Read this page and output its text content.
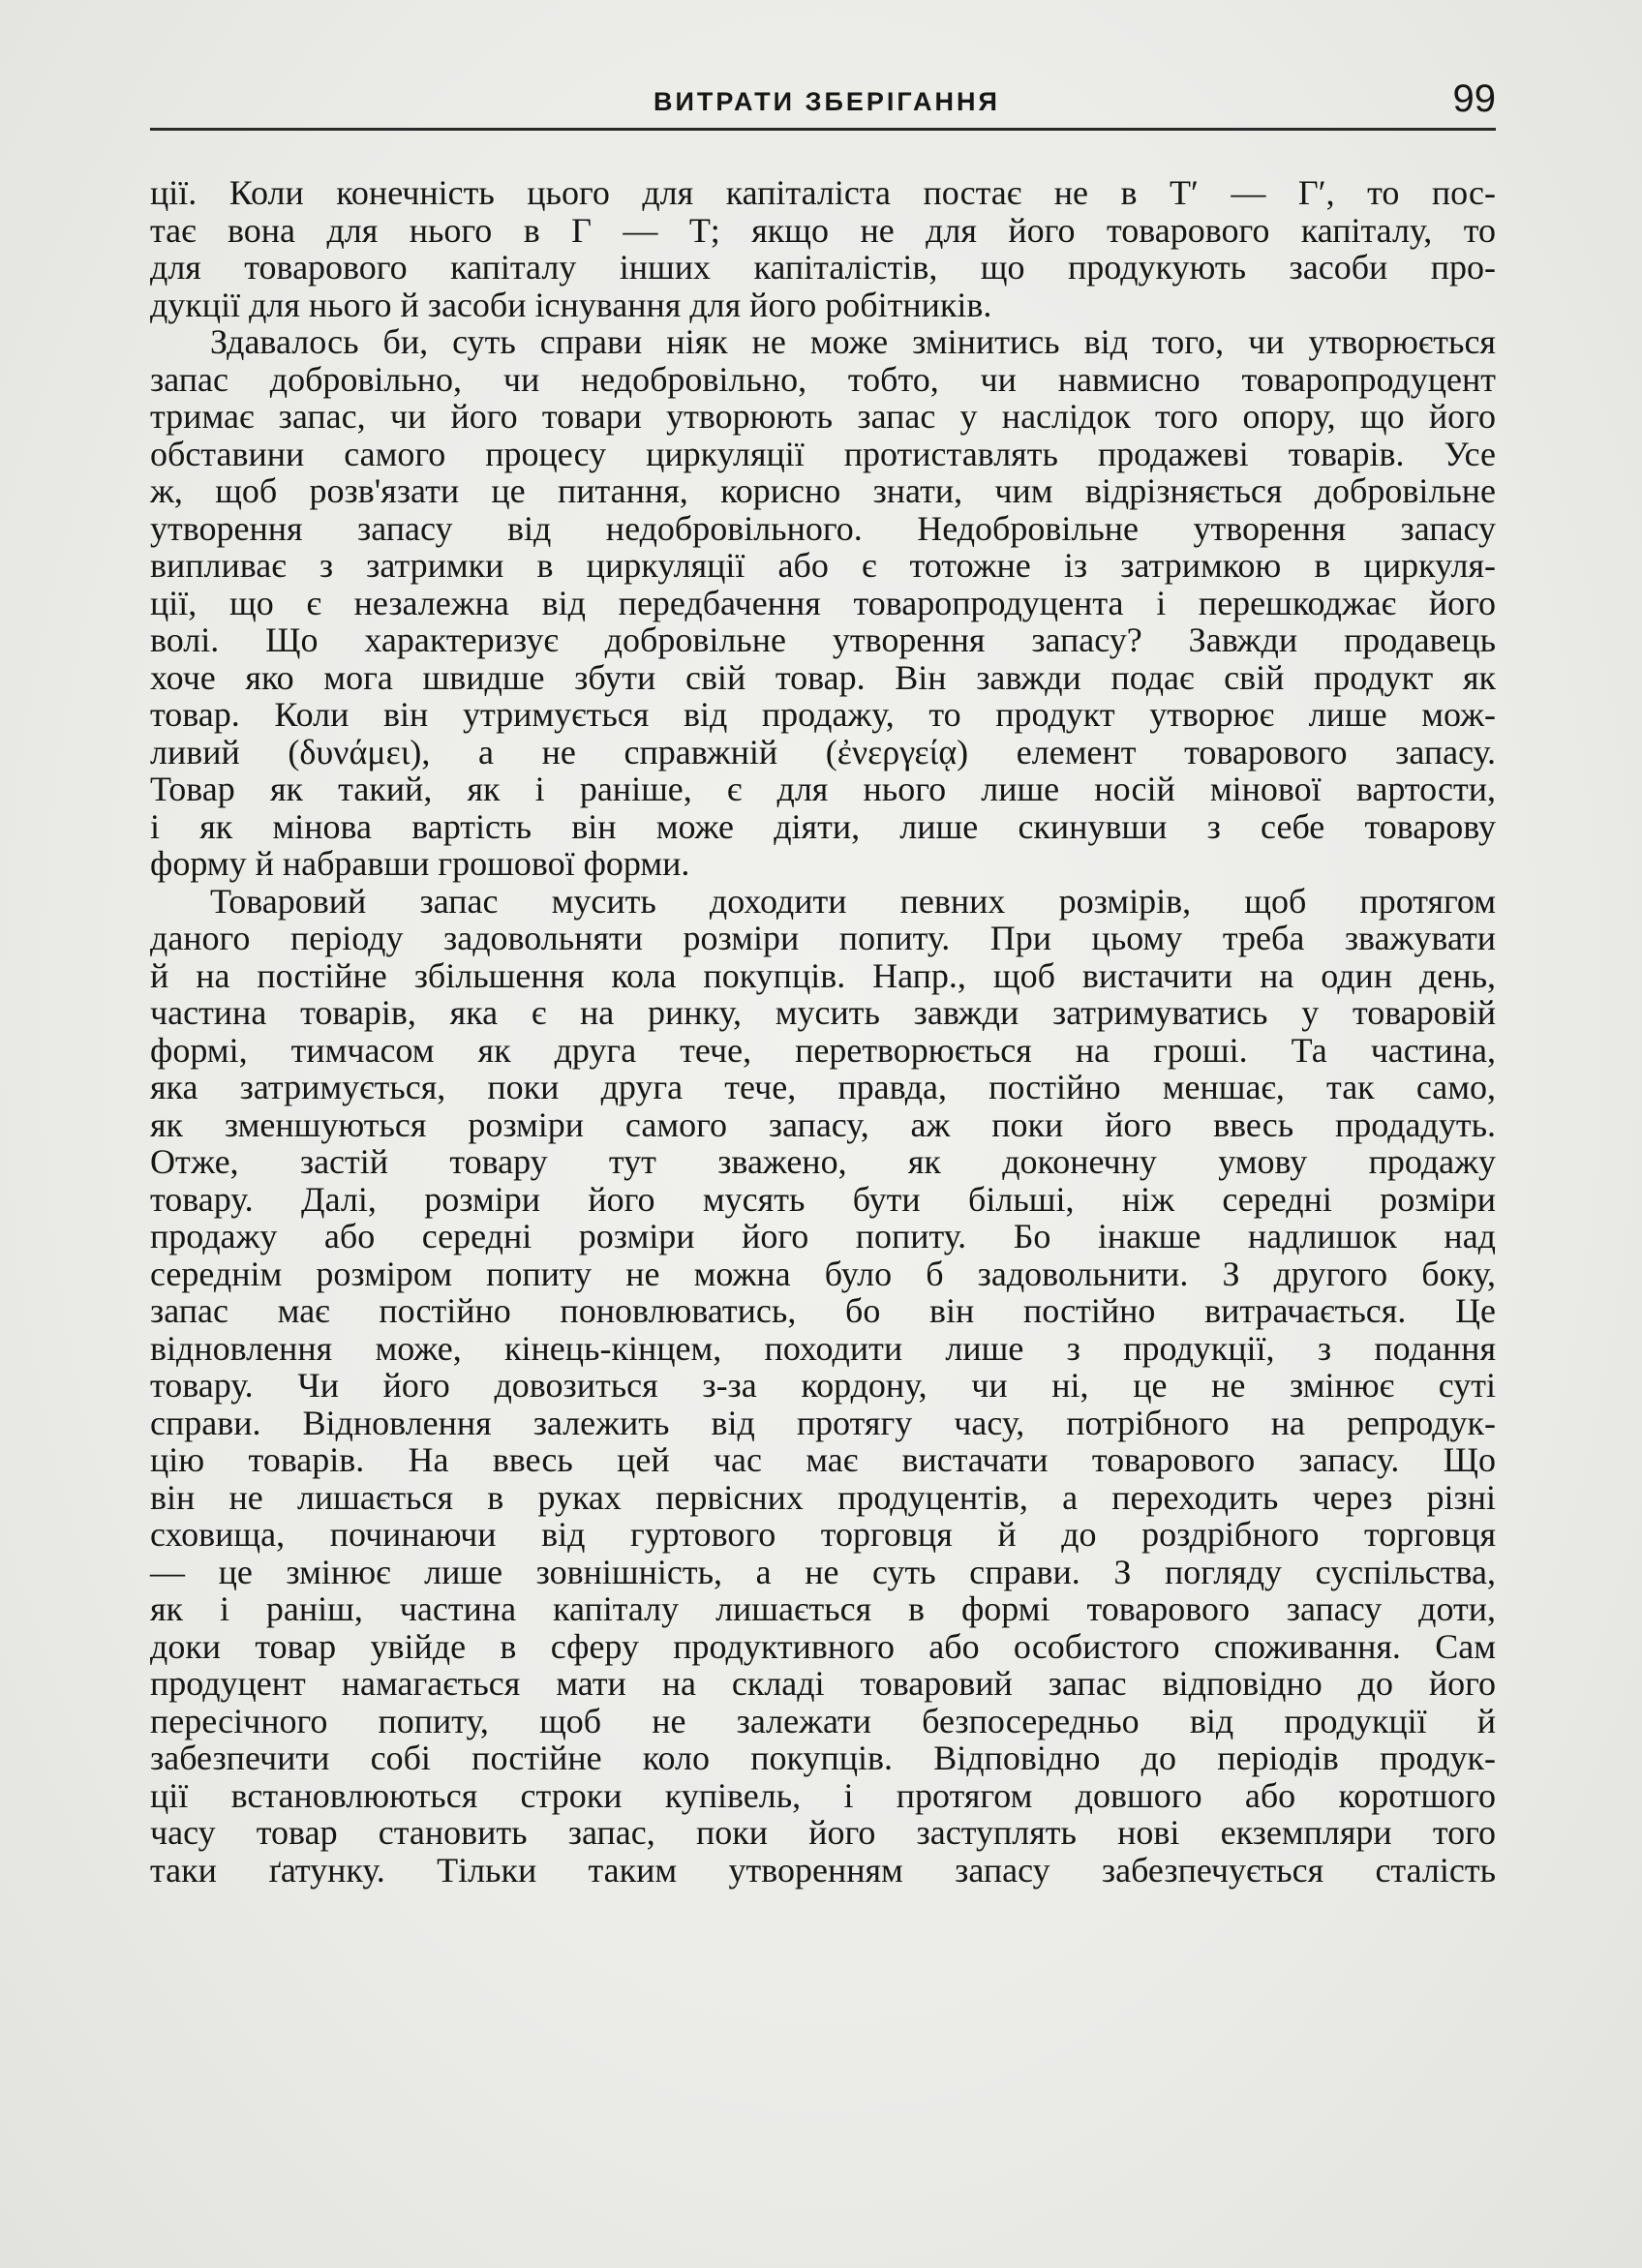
ВИТРАТИ ЗБЕРІГАННЯ	99
ції. Коли конечність цього для капіталіста постає не в Т′ — Г′, то пос-
тає вона для нього в Г — Т; якщо не для його товарового капіталу, то
для товарового капіталу інших капіталістів, що продукують засоби про-
дукції для нього й засоби існування для його робітників.
Здавалось би, суть справи ніяк не може змінитись від того, чи утворюється
запас добровільно, чи недобровільно, тобто, чи навмисно товаропродуцент
тримає запас, чи його товари утворюють запас у наслідок того опору, що його
обставини самого процесу циркуляції протиставлять продажеві товарів. Усе
ж, щоб розв'язати це питання, корисно знати, чим відрізняється добровільне
утворення запасу від недобровільного. Недобровільне утворення запасу
випливає з затримки в циркуляції або є тотожне із затримкою в циркуля-
ції, що є незалежна від передбачення товаропродуцента і перешкоджає його
волі. Що характеризує добровільне утворення запасу? Завжди продавець
хоче яко мога швидше збути свій товар. Він завжди подає свій продукт як
товар. Коли він утримується від продажу, то продукт утворює лише мож-
ливий (δυνάμει), а не справжній (ἐνεργείᾳ) елемент товарового запасу.
Товар як такий, як і раніше, є для нього лише носій мінової вартости,
і як мінова вартість він може діяти, лише скинувши з себе товарову
форму й набравши грошової форми.
Товаровий запас мусить доходити певних розмірів, щоб протягом
даного періоду задовольняти розміри попиту. При цьому треба зважувати
й на постійне збільшення кола покупців. Напр., щоб вистачити на один день,
частина товарів, яка є на ринку, мусить завжди затримуватись у товаровій
формі, тимчасом як друга тече, перетворюється на гроші. Та частина,
яка затримується, поки друга тече, правда, постійно меншає, так само,
як зменшуються розміри самого запасу, аж поки його ввесь продадуть.
Отже, застій товару тут зважено, як доконечну умову продажу
товару. Далі, розміри його мусять бути більші, ніж середні розміри
продажу або середні розміри його попиту. Бо інакше надлишок над
середнім розміром попиту не можна було б задовольнити. З другого боку,
запас має постійно поновлюватись, бо він постійно витрачається. Це
відновлення може, кінець-кінцем, походити лише з продукції, з подання
товару. Чи його довозиться з-за кордону, чи ні, це не змінює суті
справи. Відновлення залежить від протягу часу, потрібного на репродук-
цію товарів. На ввесь цей час має вистачати товарового запасу. Що
він не лишається в руках первісних продуцентів, а переходить через різні
сховища, починаючи від гуртового торговця й до роздрібного торговця
— це змінює лише зовнішність, а не суть справи. З погляду суспільства,
як і раніш, частина капіталу лишається в формі товарового запасу доти,
доки товар увійде в сферу продуктивного або особистого споживання. Сам
продуцент намагається мати на складі товаровий запас відповідно до його
пересічного попиту, щоб не залежати безпосередньо від продукції й
забезпечити собі постійне коло покупців. Відповідно до періодів продук-
ції встановлюються строки купівель, і протягом довшого або коротшого
часу товар становить запас, поки його заступлять нові екземпляри того
таки ґатунку. Тільки таким утворенням запасу забезпечується сталість
